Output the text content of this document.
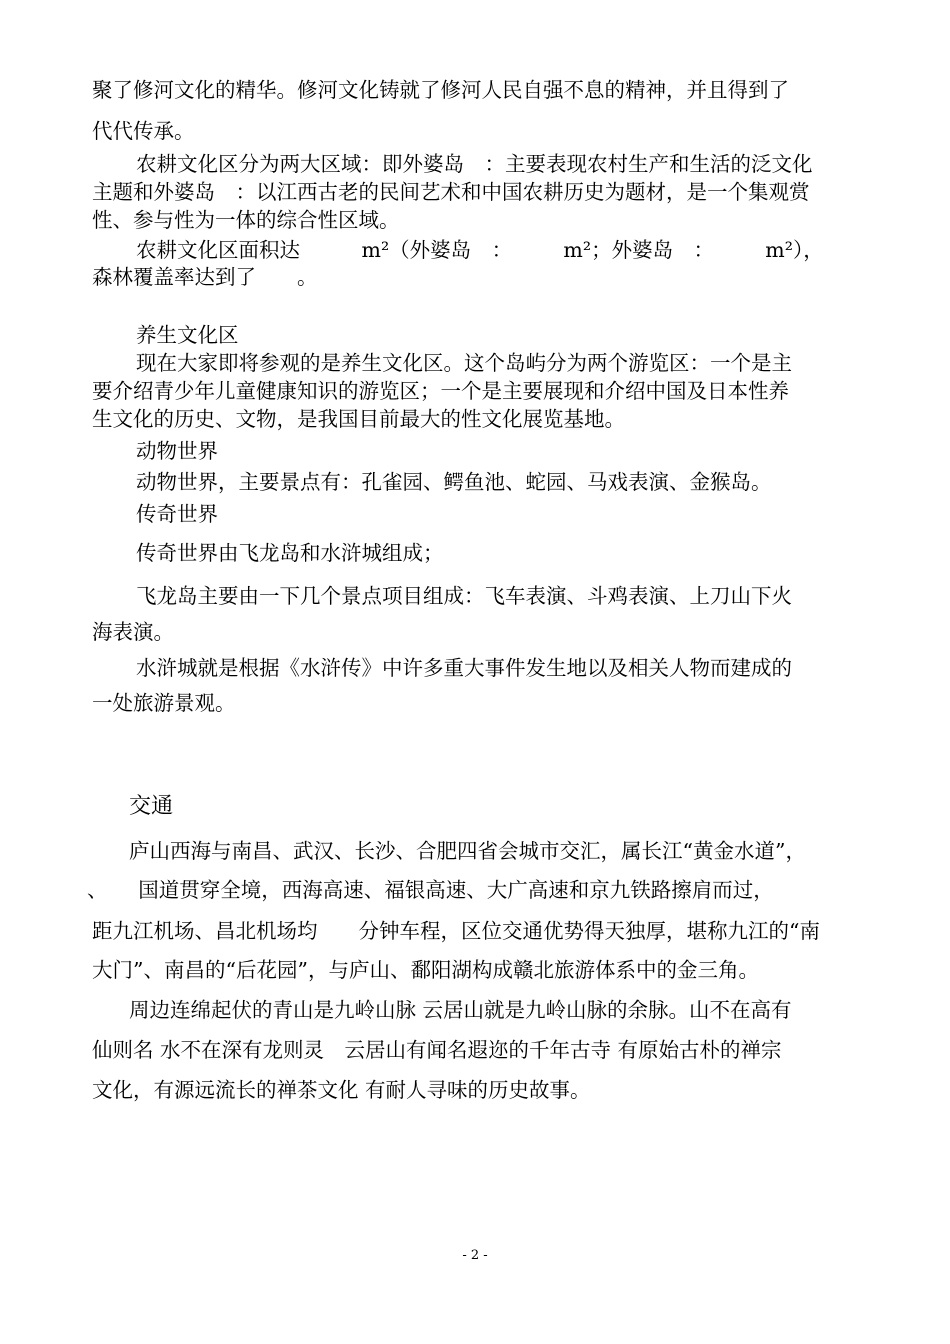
聚了修河文化的精华。修河文化铸就了修河人民自强不息的精神，并且得到了
代代传承。
农耕文化区分为两大区域：即外婆岛　：主要表现农村生产和生活的泛文化
主题和外婆岛　：以江西古老的民间艺术和中国农耕历史为题材，是一个集观赏
性、参与性为一体的综合性区域。
农耕文化区面积达　　　m²（外婆岛　：　　　m²；外婆岛　：　　　m²），
森林覆盖率达到了　　。
养生文化区
现在大家即将参观的是养生文化区。这个岛屿分为两个游览区：一个是主
要介绍青少年儿童健康知识的游览区；一个是主要展现和介绍中国及日本性养
生文化的历史、文物，是我国目前最大的性文化展览基地。
动物世界
动物世界，主要景点有：孔雀园、鳄鱼池、蛇园、马戏表演、金猴岛。
传奇世界
传奇世界由飞龙岛和水浒城组成；
飞龙岛主要由一下几个景点项目组成：飞车表演、斗鸡表演、上刀山下火
海表演。
水浒城就是根据《水浒传》中许多重大事件发生地以及相关人物而建成的
一处旅游景观。
交通
庐山西海与南昌、武汉、长沙、合肥四省会城市交汇，属长江“黄金水道”，
、　　国道贯穿全境，西海高速、福银高速、大广高速和京九铁路擦肩而过，
距九江机场、昌北机场均　　分钟车程，区位交通优势得天独厚，堪称九江的“南
大门”、南昌的“后花园”，与庐山、鄱阳湖构成赣北旅游体系中的金三角。
周边连绵起伏的青山是九岭山脉 云居山就是九岭山脉的余脉。山不在高有
仙则名 水不在深有龙则灵　云居山有闻名遐迩的千年古寺 有原始古朴的禅宗
文化，有源远流长的禅茶文化 有耐人寻味的历史故事。
- 2 -
